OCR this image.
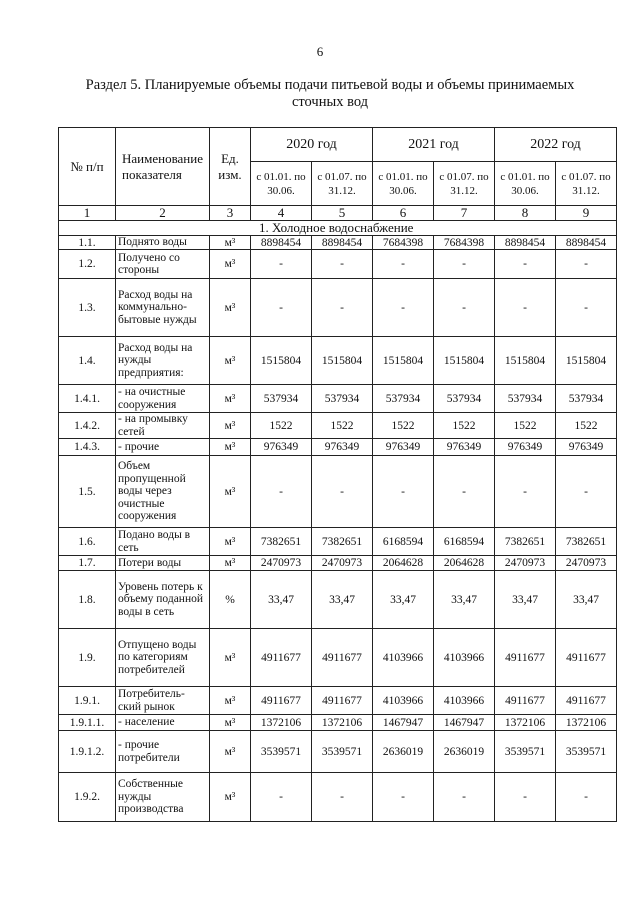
6
Раздел 5. Планируемые объемы подачи питьевой воды и объемы принимаемых сточных вод
№ п/п	Наименование показателя	Ед. изм.	2020 год		2021 год		2022 год	
			с 01.01. по 30.06.	с 01.07. по 31.12.	с 01.01. по 30.06.	с 01.07. по 31.12.	с 01.01. по 30.06.	с 01.07. по 31.12.
1	2	3	4	5	6	7	8	9
1. Холодное водоснабжение								
1.1.	Поднято воды	м³	8898454	8898454	7684398	7684398	8898454	8898454
1.2.	Получено со стороны	м³	-	-	-	-	-	-
1.3.	Расход воды на коммунально-бытовые нужды	м³	-	-	-	-	-	-
1.4.	Расход воды на нужды предприятия:	м³	1515804	1515804	1515804	1515804	1515804	1515804
1.4.1.	- на очистные сооружения	м³	537934	537934	537934	537934	537934	537934
1.4.2.	- на промывку сетей	м³	1522	1522	1522	1522	1522	1522
1.4.3.	- прочие	м³	976349	976349	976349	976349	976349	976349
1.5.	Объем пропущенной воды через очистные сооружения	м³	-	-	-	-	-	-
1.6.	Подано воды в сеть	м³	7382651	7382651	6168594	6168594	7382651	7382651
1.7.	Потери воды	м³	2470973	2470973	2064628	2064628	2470973	2470973
1.8.	Уровень потерь к объему поданной воды в сеть	%	33,47	33,47	33,47	33,47	33,47	33,47
1.9.	Отпущено воды по категориям потребителей	м³	4911677	4911677	4103966	4103966	4911677	4911677
1.9.1.	Потребитель-ский рынок	м³	4911677	4911677	4103966	4103966	4911677	4911677
1.9.1.1.	- население	м³	1372106	1372106	1467947	1467947	1372106	1372106
1.9.1.2.	- прочие потребители	м³	3539571	3539571	2636019	2636019	3539571	3539571
1.9.2.	Собственные нужды производства	м³	-	-	-	-	-	-
